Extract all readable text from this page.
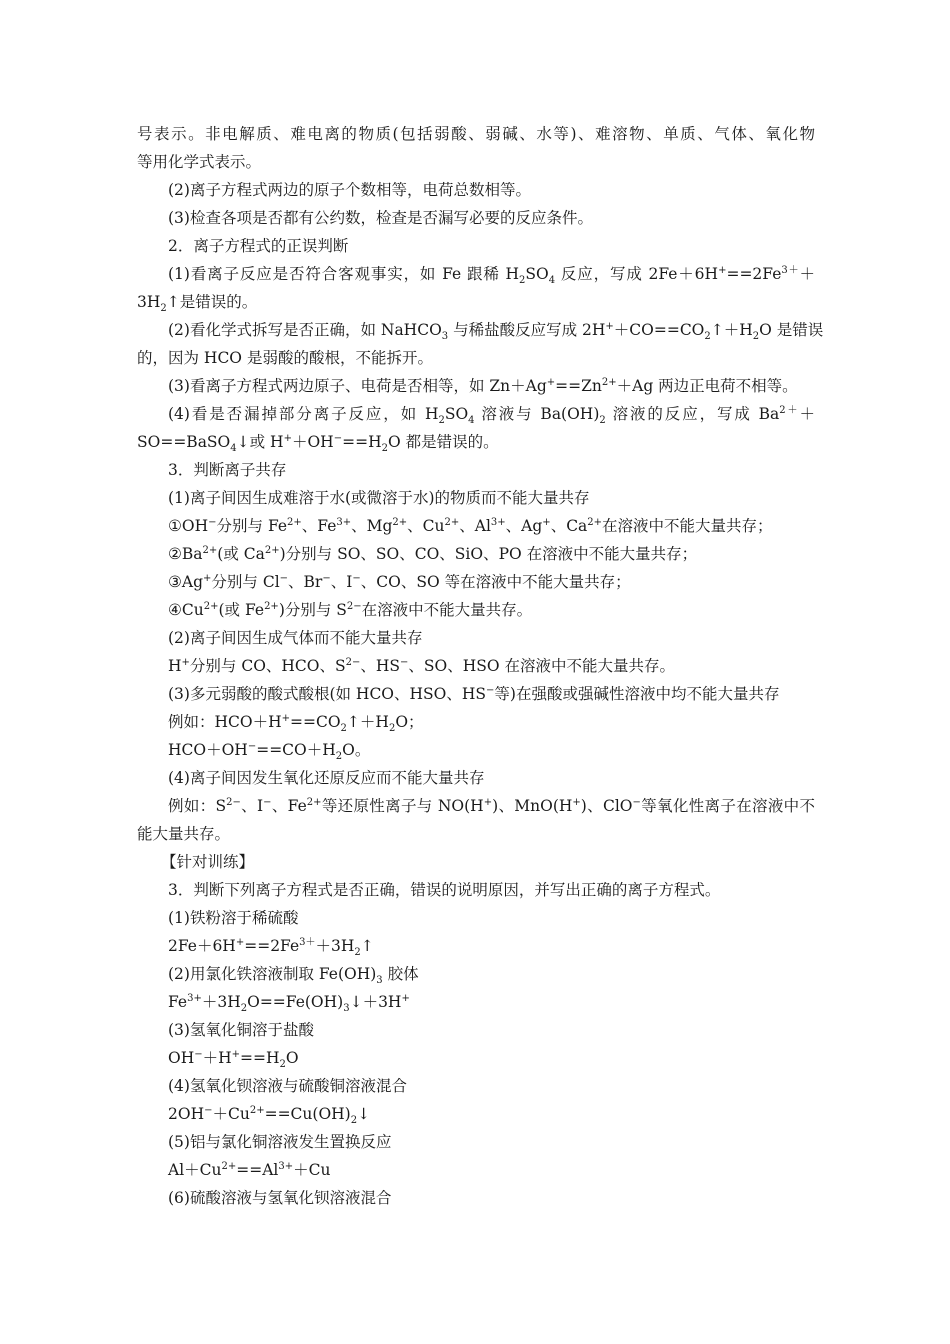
号表示。非电解质、难电离的物质(包括弱酸、弱碱、水等)、难溶物、单质、气体、氧化物
等用化学式表示。
(2)离子方程式两边的原子个数相等，电荷总数相等。
(3)检查各项是否都有公约数，检查是否漏写必要的反应条件。
2．离子方程式的正误判断
(1)看离子反应是否符合客观事实，如 Fe 跟稀 $H_2SO_4$ 反应，写成 $2Fe+6H^+==2Fe^{3+}+$
$3H_2↑$是错误的。
(2)看化学式拆写是否正确，如 NaHCO$_3$ 与稀盐酸反应写成 $2H^++CO==CO_2↑+H_2O$ 是错误
的，因为 HCO 是弱酸的酸根，不能拆开。
(3)看离子方程式两边原子、电荷是否相等，如 $Zn+Ag^+==Zn^{2+}+Ag$ 两边正电荷不相等。
(4)看是否漏掉部分离子反应，如 $H_2SO_4$ 溶液与 $Ba(OH)_2$ 溶液的反应，写成 $Ba^{2+}+$
SO==BaSO$_4$↓或 $H^++OH^-==H_2O$ 都是错误的。
3．判断离子共存
(1)离子间因生成难溶于水(或微溶于水)的物质而不能大量共存
①OH−分别与 $Fe^{2+}$、$Fe^{3+}$、$Mg^{2+}$、$Cu^{2+}$、$Al^{3+}$、Ag+、$Ca^{2+}$在溶液中不能大量共存；
$②Ba^{2+}$(或 $Ca^{2+}$)分别与 SO、SO、CO、SiO、PO 在溶液中不能大量共存；
③Ag+分别与 Cl−、Br−、I−、CO、SO 等在溶液中不能大量共存；
$④Cu^{2+}$(或 $Fe^{2+}$)分别与 $S^{2-}$在溶液中不能大量共存。
(2)离子间因生成气体而不能大量共存
H+分别与 CO、HCO、$S^{2-}$、HS−、SO、HSO 在溶液中不能大量共存。
(3)多元弱酸的酸式酸根(如 HCO、HSO、HS−等)在强酸或强碱性溶液中均不能大量共存
例如：$HCO+H^+==CO_2↑+H_2O$；
$HCO+OH^-==CO+H_2O$。
(4)离子间因发生氧化还原反应而不能大量共存
例如：$S^{2-}$、I−、$Fe^{2+}$等还原性离子与 NO(H+)、MnO(H+)、ClO−等氧化性离子在溶液中不
能大量共存。
【针对训练】
3．判断下列离子方程式是否正确，错误的说明原因，并写出正确的离子方程式。
(1)铁粉溶于稀硫酸
$2Fe+6H^+==2Fe^{3+}+3H_2↑$
(2)用氯化铁溶液制取 $Fe(OH)_3$ 胶体
$Fe^{3+}+3H_2O==Fe(OH)_3↓+3H^+$
(3)氢氧化铜溶于盐酸
$OH^-+H^+==H_2O$
(4)氢氧化钡溶液与硫酸铜溶液混合
$2OH^-+Cu^{2+}==Cu(OH)_2↓$
(5)铝与氯化铜溶液发生置换反应
$Al+Cu^{2+}==Al^{3+}+Cu$
(6)硫酸溶液与氢氧化钡溶液混合
